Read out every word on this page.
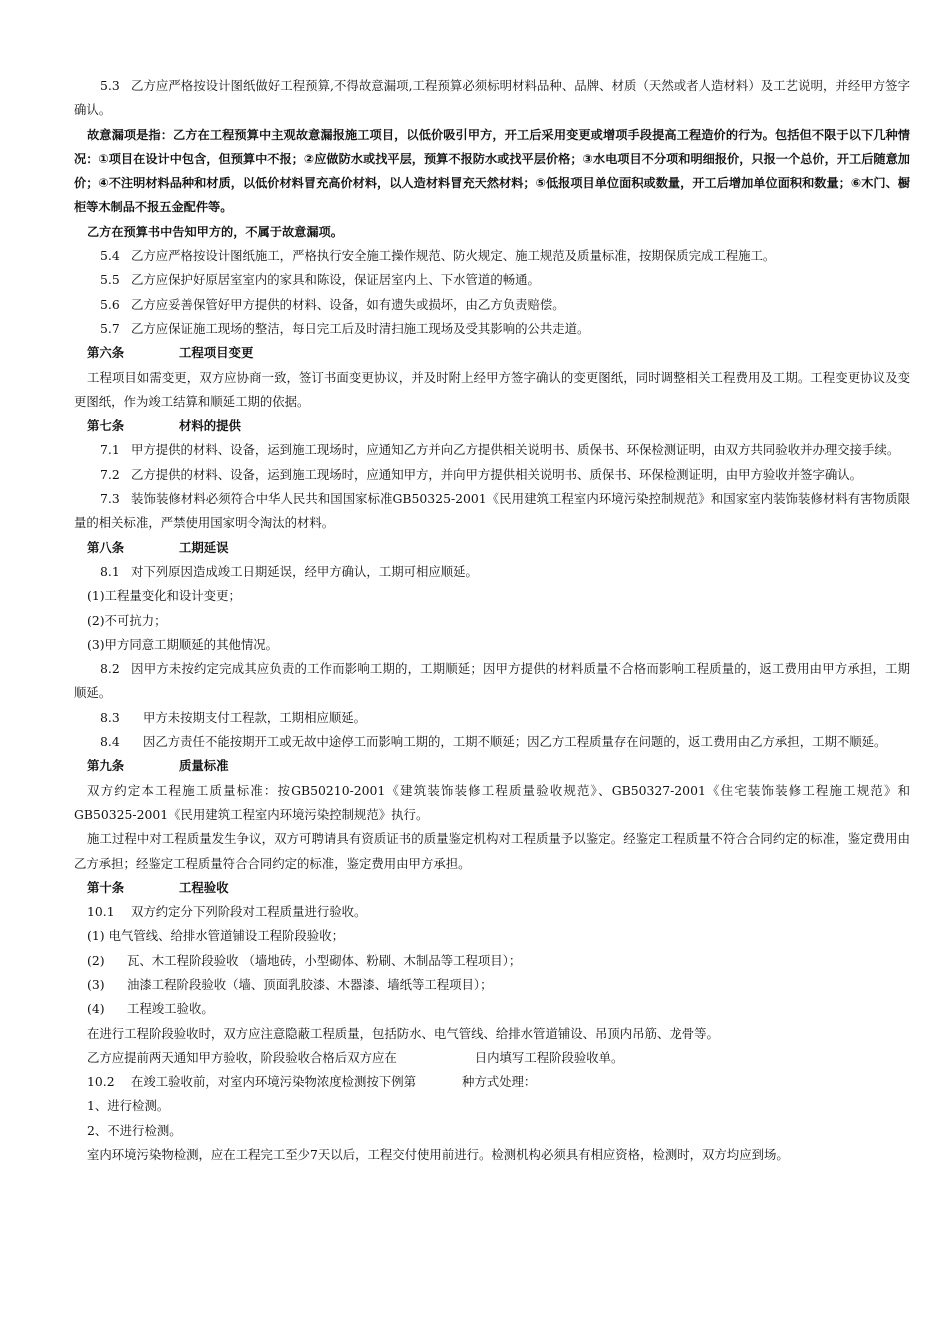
5.3 乙方应严格按设计图纸做好工程预算,不得故意漏项,工程预算必须标明材料品种、品牌、材质（天然或者人造材料）及工艺说明，并经甲方签字确认。

故意漏项是指：乙方在工程预算中主观故意漏报施工项目，以低价吸引甲方，开工后采用变更或增项手段提高工程造价的行为。包括但不限于以下几种情况：①项目在设计中包含，但预算中不报；②应做防水或找平层，预算不报防水或找平层价格；③水电项目不分项和明细报价，只报一个总价，开工后随意加价；④不注明材料品种和材质，以低价材料冒充高价材料，以人造材料冒充天然材料；⑤低报项目单位面积或数量，开工后增加单位面积和数量；⑥木门、橱柜等木制品不报五金配件等。

乙方在预算书中告知甲方的，不属于故意漏项。

5.4 乙方应严格按设计图纸施工，严格执行安全施工操作规范、防火规定、施工规范及质量标准，按期保质完成工程施工。

5.5 乙方应保护好原居室室内的家具和陈设，保证居室内上、下水管道的畅通。

5.6 乙方应妥善保管好甲方提供的材料、设备，如有遗失或损坏，由乙方负责赔偿。

5.7 乙方应保证施工现场的整洁，每日完工后及时清扫施工现场及受其影响的公共走道。

第六条	工程项目变更

工程项目如需变更，双方应协商一致，签订书面变更协议，并及时附上经甲方签字确认的变更图纸，同时调整相关工程费用及工期。工程变更协议及变更图纸，作为竣工结算和顺延工期的依据。

第七条	材料的提供

7.1 甲方提供的材料、设备，运到施工现场时，应通知乙方并向乙方提供相关说明书、质保书、环保检测证明，由双方共同验收并办理交接手续。

7.2 乙方提供的材料、设备，运到施工现场时，应通知甲方，并向甲方提供相关说明书、质保书、环保检测证明，由甲方验收并签字确认。

7.3 装饰装修材料必须符合中华人民共和国国家标准GB50325-2001《民用建筑工程室内环境污染控制规范》和国家室内装饰装修材料有害物质限量的相关标准，严禁使用国家明令淘汰的材料。

第八条	工期延误

8.1 对下列原因造成竣工日期延误，经甲方确认，工期可相应顺延。

(1)工程量变化和设计变更；

(2)不可抗力；

(3)甲方同意工期顺延的其他情况。

8.2 因甲方未按约定完成其应负责的工作而影响工期的，工期顺延；因甲方提供的材料质量不合格而影响工程质量的，返工费用由甲方承担，工期顺延。

8.3 甲方未按期支付工程款，工期相应顺延。

8.4 因乙方责任不能按期开工或无故中途停工而影响工期的，工期不顺延；因乙方工程质量存在问题的，返工费用由乙方承担，工期不顺延。

第九条	质量标准

双方约定本工程施工质量标准：按GB50210-2001《建筑装饰装修工程质量验收规范》、GB50327-2001《住宅装饰装修工程施工规范》和GB50325-2001《民用建筑工程室内环境污染控制规范》执行。

施工过程中对工程质量发生争议，双方可聘请具有资质证书的质量鉴定机构对工程质量予以鉴定。经鉴定工程质量不符合合同约定的标准，鉴定费用由乙方承担；经鉴定工程质量符合合同约定的标准，鉴定费用由甲方承担。

第十条	工程验收

10.1 双方约定分下列阶段对工程质量进行验收。

(1) 电气管线、给排水管道铺设工程阶段验收；

(2) 瓦、木工程阶段验收 （墙地砖，小型砌体、粉刷、木制品等工程项目）；

(3) 油漆工程阶段验收（墙、顶面乳胶漆、木器漆、墙纸等工程项目）；

(4) 工程竣工验收。

在进行工程阶段验收时，双方应注意隐蔽工程质量，包括防水、电气管线、给排水管道铺设、吊顶内吊筋、龙骨等。

乙方应提前两天通知甲方验收，阶段验收合格后双方应在	日内填写工程阶段验收单。

10.2 在竣工验收前，对室内环境污染物浓度检测按下例第	种方式处理：

1、进行检测。

2、不进行检测。

室内环境污染物检测，应在工程完工至少7天以后，工程交付使用前进行。检测机构必须具有相应资格，检测时，双方均应到场。
